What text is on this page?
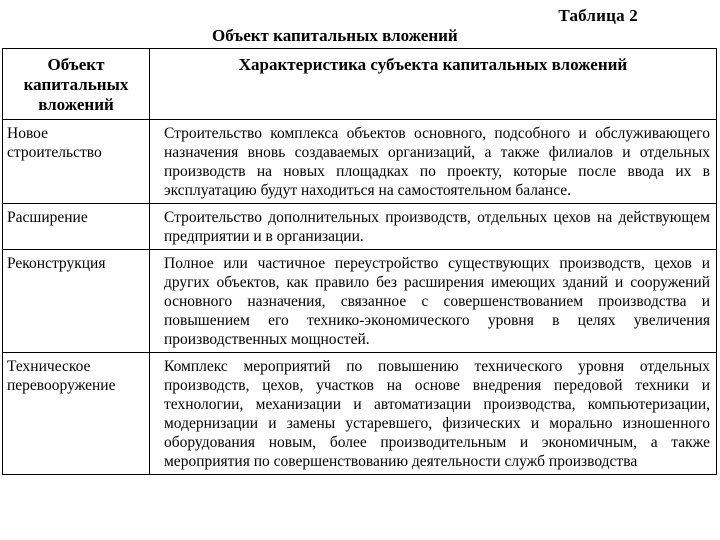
Таблица 2
Объект капитальных вложений
Объект капитальных вложений	Характеристика субъекта капитальных вложений
Новое строительство	Строительство комплекса объектов основного, подсобного и обслуживающего назначения вновь создаваемых организаций, а также филиалов и отдельных производств на новых площадках по проекту, которые после ввода их в эксплуатацию будут находиться на самостоятельном балансе.
Расширение	Строительство дополнительных производств, отдельных цехов на действующем предприятии и в организации.
Реконструкция	Полное или частичное переустройство существующих производств, цехов и других объектов, как правило без расширения имеющих зданий и сооружений основного назначения, связанное с совершенствованием производства и повышением его технико-экономического уровня в целях увеличения производственных мощностей.
Техническое перевооружение	Комплекс мероприятий по повышению технического уровня отдельных производств, цехов, участков на основе внедрения передовой техники и технологии, механизации и автоматизации производства, компьютеризации, модернизации и замены устаревшего, физических и морально изношенного оборудования новым, более производительным и экономичным, а также мероприятия по совершенствованию деятельности служб производства
